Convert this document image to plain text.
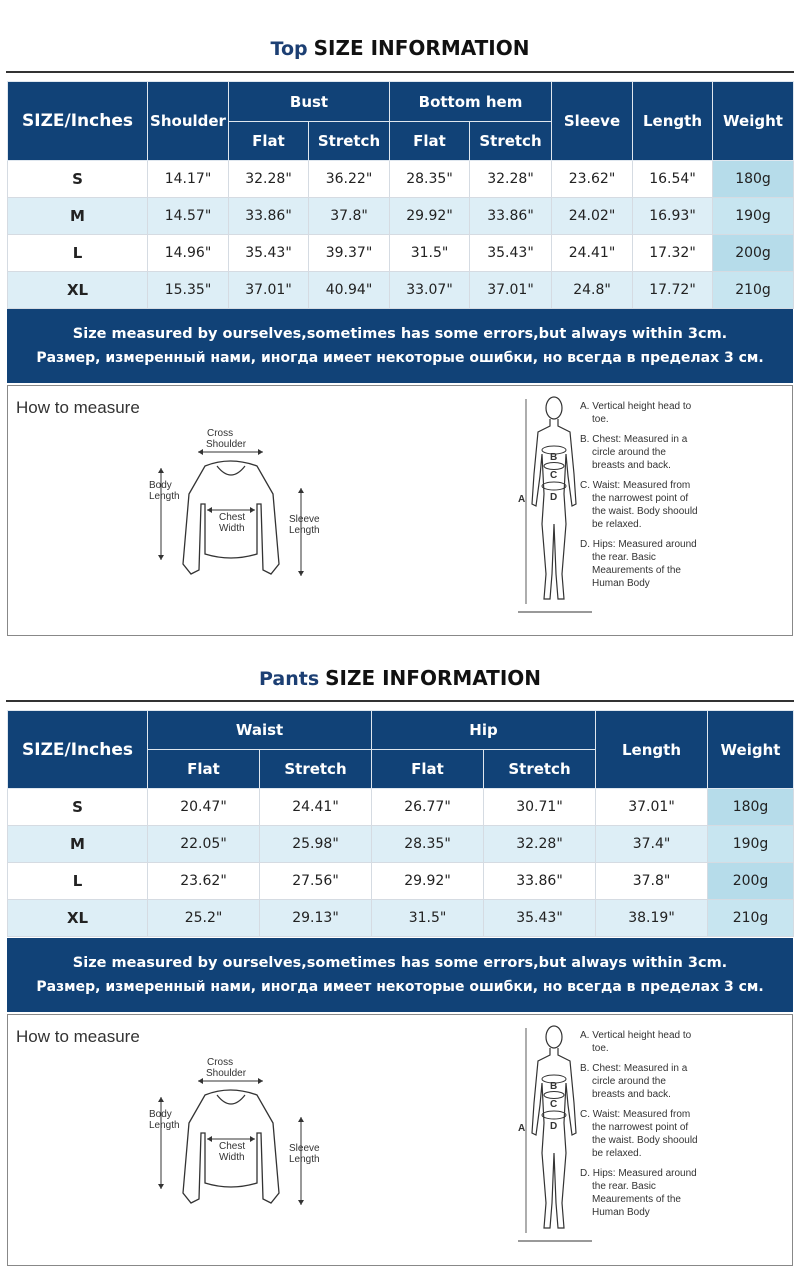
Top SIZE INFORMATION
SIZE/Inches	Shoulder	Bust		Bottom hem		Sleeve	Length	Weight
		Flat	Stretch	Flat	Stretch			
S	14.17"	32.28"	36.22"	28.35"	32.28"	23.62"	16.54"	180g
M	14.57"	33.86"	37.8"	29.92"	33.86"	24.02"	16.93"	190g
L	14.96"	35.43"	39.37"	31.5"	35.43"	24.41"	17.32"	200g
XL	15.35"	37.01"	40.94"	33.07"	37.01"	24.8"	17.72"	210g
Size measured by ourselves,sometimes has some errors,but always within 3cm.
Размер, измеренный нами, иногда имеет некоторые ошибки, но всегда в пределах 3 см.
How to measure
Cross
Shoulder
Chest
Width
Body
Length
Sleeve
Length
A
B
C
D

A. Vertical height head to toe.

B. Chest: Measured in a circle around the breasts and back.

C. Waist: Measured from the narrowest point of the waist. Body shoould be relaxed.

D. Hips: Measured around the rear. Basic Meaurements of the Human Body

Pants SIZE INFORMATION
SIZE/Inches	Waist		Hip		Length	Weight
	Flat	Stretch	Flat	Stretch		
S	20.47"	24.41"	26.77"	30.71"	37.01"	180g
M	22.05"	25.98"	28.35"	32.28"	37.4"	190g
L	23.62"	27.56"	29.92"	33.86"	37.8"	200g
XL	25.2"	29.13"	31.5"	35.43"	38.19"	210g
Size measured by ourselves,sometimes has some errors,but always within 3cm.
Размер, измеренный нами, иногда имеет некоторые ошибки, но всегда в пределах 3 см.
How to measure
Cross
Shoulder
Chest
Width
Body
Length
Sleeve
Length
A
B
C
D

A. Vertical height head to toe.

B. Chest: Measured in a circle around the breasts and back.

C. Waist: Measured from the narrowest point of the waist. Body shoould be relaxed.

D. Hips: Measured around the rear. Basic Meaurements of the Human Body
